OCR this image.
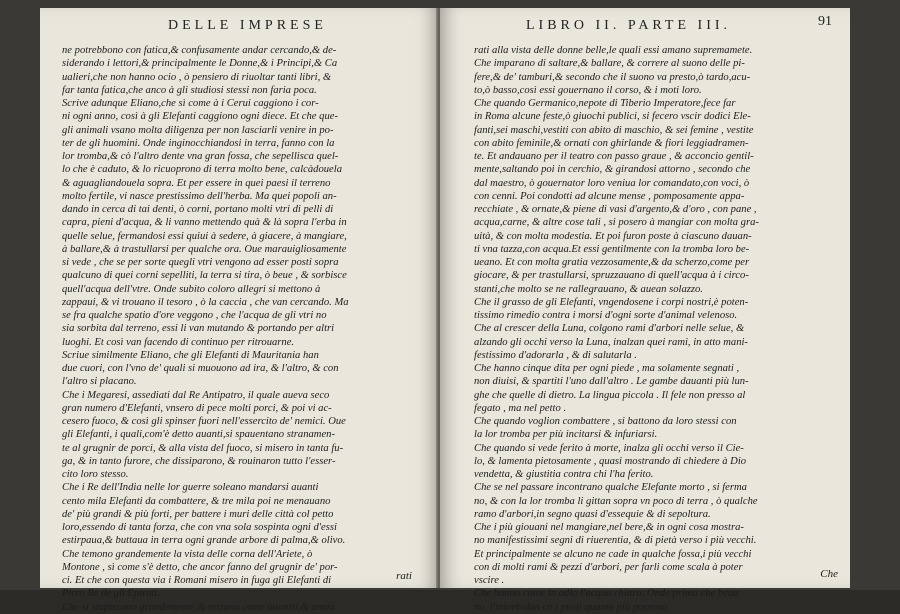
DELLE IMPRESE
ne potrebbono con fatica,& confusamente andar cercando,& de-
siderando i lettori,& principalmente le Donne,& i Principi,& Ca
ualieri,che non hanno ocio , ò pensiero di riuoltar tanti libri, &
far tanta fatica,che anco à gli studiosi stessi non faria poca.
Scrive adunque Eliano,che sì come à i Cerui caggiono i cor-
ni ogni anno, così à gli Elefanti caggiono ogni diece. Et che que-
gli animali vsano molta diligenza per non lasciarli venire in po-
ter de gli huomini. Onde inginocchiandosi in terra, fanno con la
lor tromba,& cò l'altro dente vna gran fossa, che sepellisca quel-
lo che è caduto, & lo ricuoprono di terra molto bene, calcàdouela
& aguagliandouela sopra. Et per essere in quei paesi il terreno
molto fertile, vi nasce prestissimo dell'herba. Ma quei popoli an-
dando in cerca di tai denti, ò corni, portano molti vtri di pelli di
capra, pieni d'acqua, & li vanno mettendo quà & là sopra l'erba in
quelle selue, fermandosi essi quiui à sedere, à giacere, à mangiare,
à ballare,& à trastullarsi per qualche ora. Oue marauigliosamente
si vede , che se per sorte quegli vtri vengono ad esser posti sopra
qualcuno di quei corni sepelliti, la terra si tira, ò beue , & sorbisce
quell'acqua dell'vtre. Onde subito coloro allegri si mettono à
zappaui, & vi trouano il tesoro , ò la caccia , che van cercando. Ma
se fra qualche spatio d'ore veggono , che l'acqua de gli vtri no
sia sorbita dal terreno, essi li van mutando & portando per altri
luoghi. Et così van facendo di continuo per ritrouarne.
Scriue similmente Eliano, che gli Elefanti di Mauritania han
due cuori, con l'vno de' quali si muouono ad ira, & l'altro, & con
l'altro si placano.
Che i Megaresi, assediati dal Re Antipatro, il quale aueva seco
gran numero d'Elefanti, vnsero di pece molti porci, & poi vi ac-
cesero fuoco, & così gli spinser fuori nell'essercito de' nemici. Oue
gli Elefanti, i quali,com'è detto auanti,si spauentano stranamen-
te al grugnir de porci, & alla vista del fuoco, si misero in tanta fu-
ga, & in tanto furore, che dissiparono, & rouinaron tutto l'esser-
cito loro stesso.
Che i Re dell'India nelle lor guerre soleano mandarsi auanti
cento mila Elefanti da combattere, & tre mila poi ne menauano
de' più grandi & più forti, per battere i muri delle città col petto
loro,essendo di tanta forza, che con vna sola sospinta ogni d'essi
estirpaua,& buttaua in terra ogni grande arbore di palma,& olivo.
Che temono grandemente la vista delle corna dell'Ariete, ò
Montone , sì come s'è detto, che ancor fanno del grugnir de' por-
ci. Et che con questa via i Romani misero in fuga gli Elefanti di
Pirro Re de gli Epiroti.
Che si stupiscono grandemente,& restano come attoniti,& ammi
rati
LIBRO II. PARTE III.	91
rati alla vista delle donne belle,le quali essi amano supremamete.
Che imparano di saltare,& ballare, & correre al suono delle pi-
fere,& de' tamburi,& secondo che il suono va presto,ò tardo,acu-
to,ò basso,così essi gouernano il corso, & i moti loro.
Che quando Germanico,nepote di Tiberio Imperatore,fece far
in Roma alcune feste,ò giuochi publici, si fecero vscir dodici Ele-
fanti,sei maschi,vestiti con abito di maschio, & sei femine , vestite
con abito feminile,& ornati con ghirlande & fiori leggiadramen-
te. Et andauano per il teatro con passo graue , & acconcio gentil-
mente,saltando poi in cerchio, & girandosi attorno , secondo che
dal maestro, ò gouernator loro veniua lor comandato,con voci, ò
con cenni. Poi condotti ad alcune mense , pomposamente appa-
recchiate , & ornate,& piene di vasi d'argento,& d'oro , con pane ,
acqua,carne, & altre cose tali , si posero à mangiar con molta gra-
uità, & con molta modestia. Et poi furon poste à ciascuno dauan-
ti vna tazza,con acqua.Et essi gentilmente con la tromba loro be-
ueano. Et con molta gratia vezzosamente,& da scherzo,come per
giocare, & per trastullarsi, spruzzauano di quell'acqua à i circo-
stanti,che molto se ne rallegrauano, & auean solazzo.
Che il grasso de gli Elefanti, vngendosene i corpi nostri,è poten-
tissimo rimedio contra i morsi d'ogni sorte d'animal velenoso.
Che al crescer della Luna, colgono rami d'arbori nelle selue, &
alzando gli occhi verso la Luna, inalzan quei rami, in atto mani-
festissimo d'adorarla , & di salutarla .
Che hanno cinque dita per ogni piede , ma solamente segnati ,
non diuisi, & spartiti l'uno dall'altro . Le gambe dauanti più lun-
ghe che quelle di dietro. La lingua piccola . Il fele non presso al
fegato , ma nel petto .
Che quando voglion combattere , si battono da loro stessi con
la lor tromba per più incitarsi & infuriarsi.
Che quando si vede ferito à morte, inalza gli occhi verso il Cie-
lo, & lamenta pietosamente , quasi mostrando di chiedere à Dio
vendetta, & giustitia contra chi l'ha ferito.
Che se nel passare incontrano qualche Elefante morto , si ferma
no, & con la lor tromba li gittan sopra vn poco di terra , ò qualche
ramo d'arbori,in segno quasi d'essequie & di sepoltura.
Che i più giouani nel mangiare,nel bere,& in ogni cosa mostra-
no manifestissimi segni di riuerentia, & di pietà verso i più vecchi.
Et principalmente se alcuno ne cade in qualche fossa,i più vecchi
con di molti rami & pezzi d'arbori, per farli come scala à poter
vscire .
Che hanno come in odio l'acqua chiara. Onde prima che beua
no, l'intorbidan co i piedi quanto più possono.
Che
